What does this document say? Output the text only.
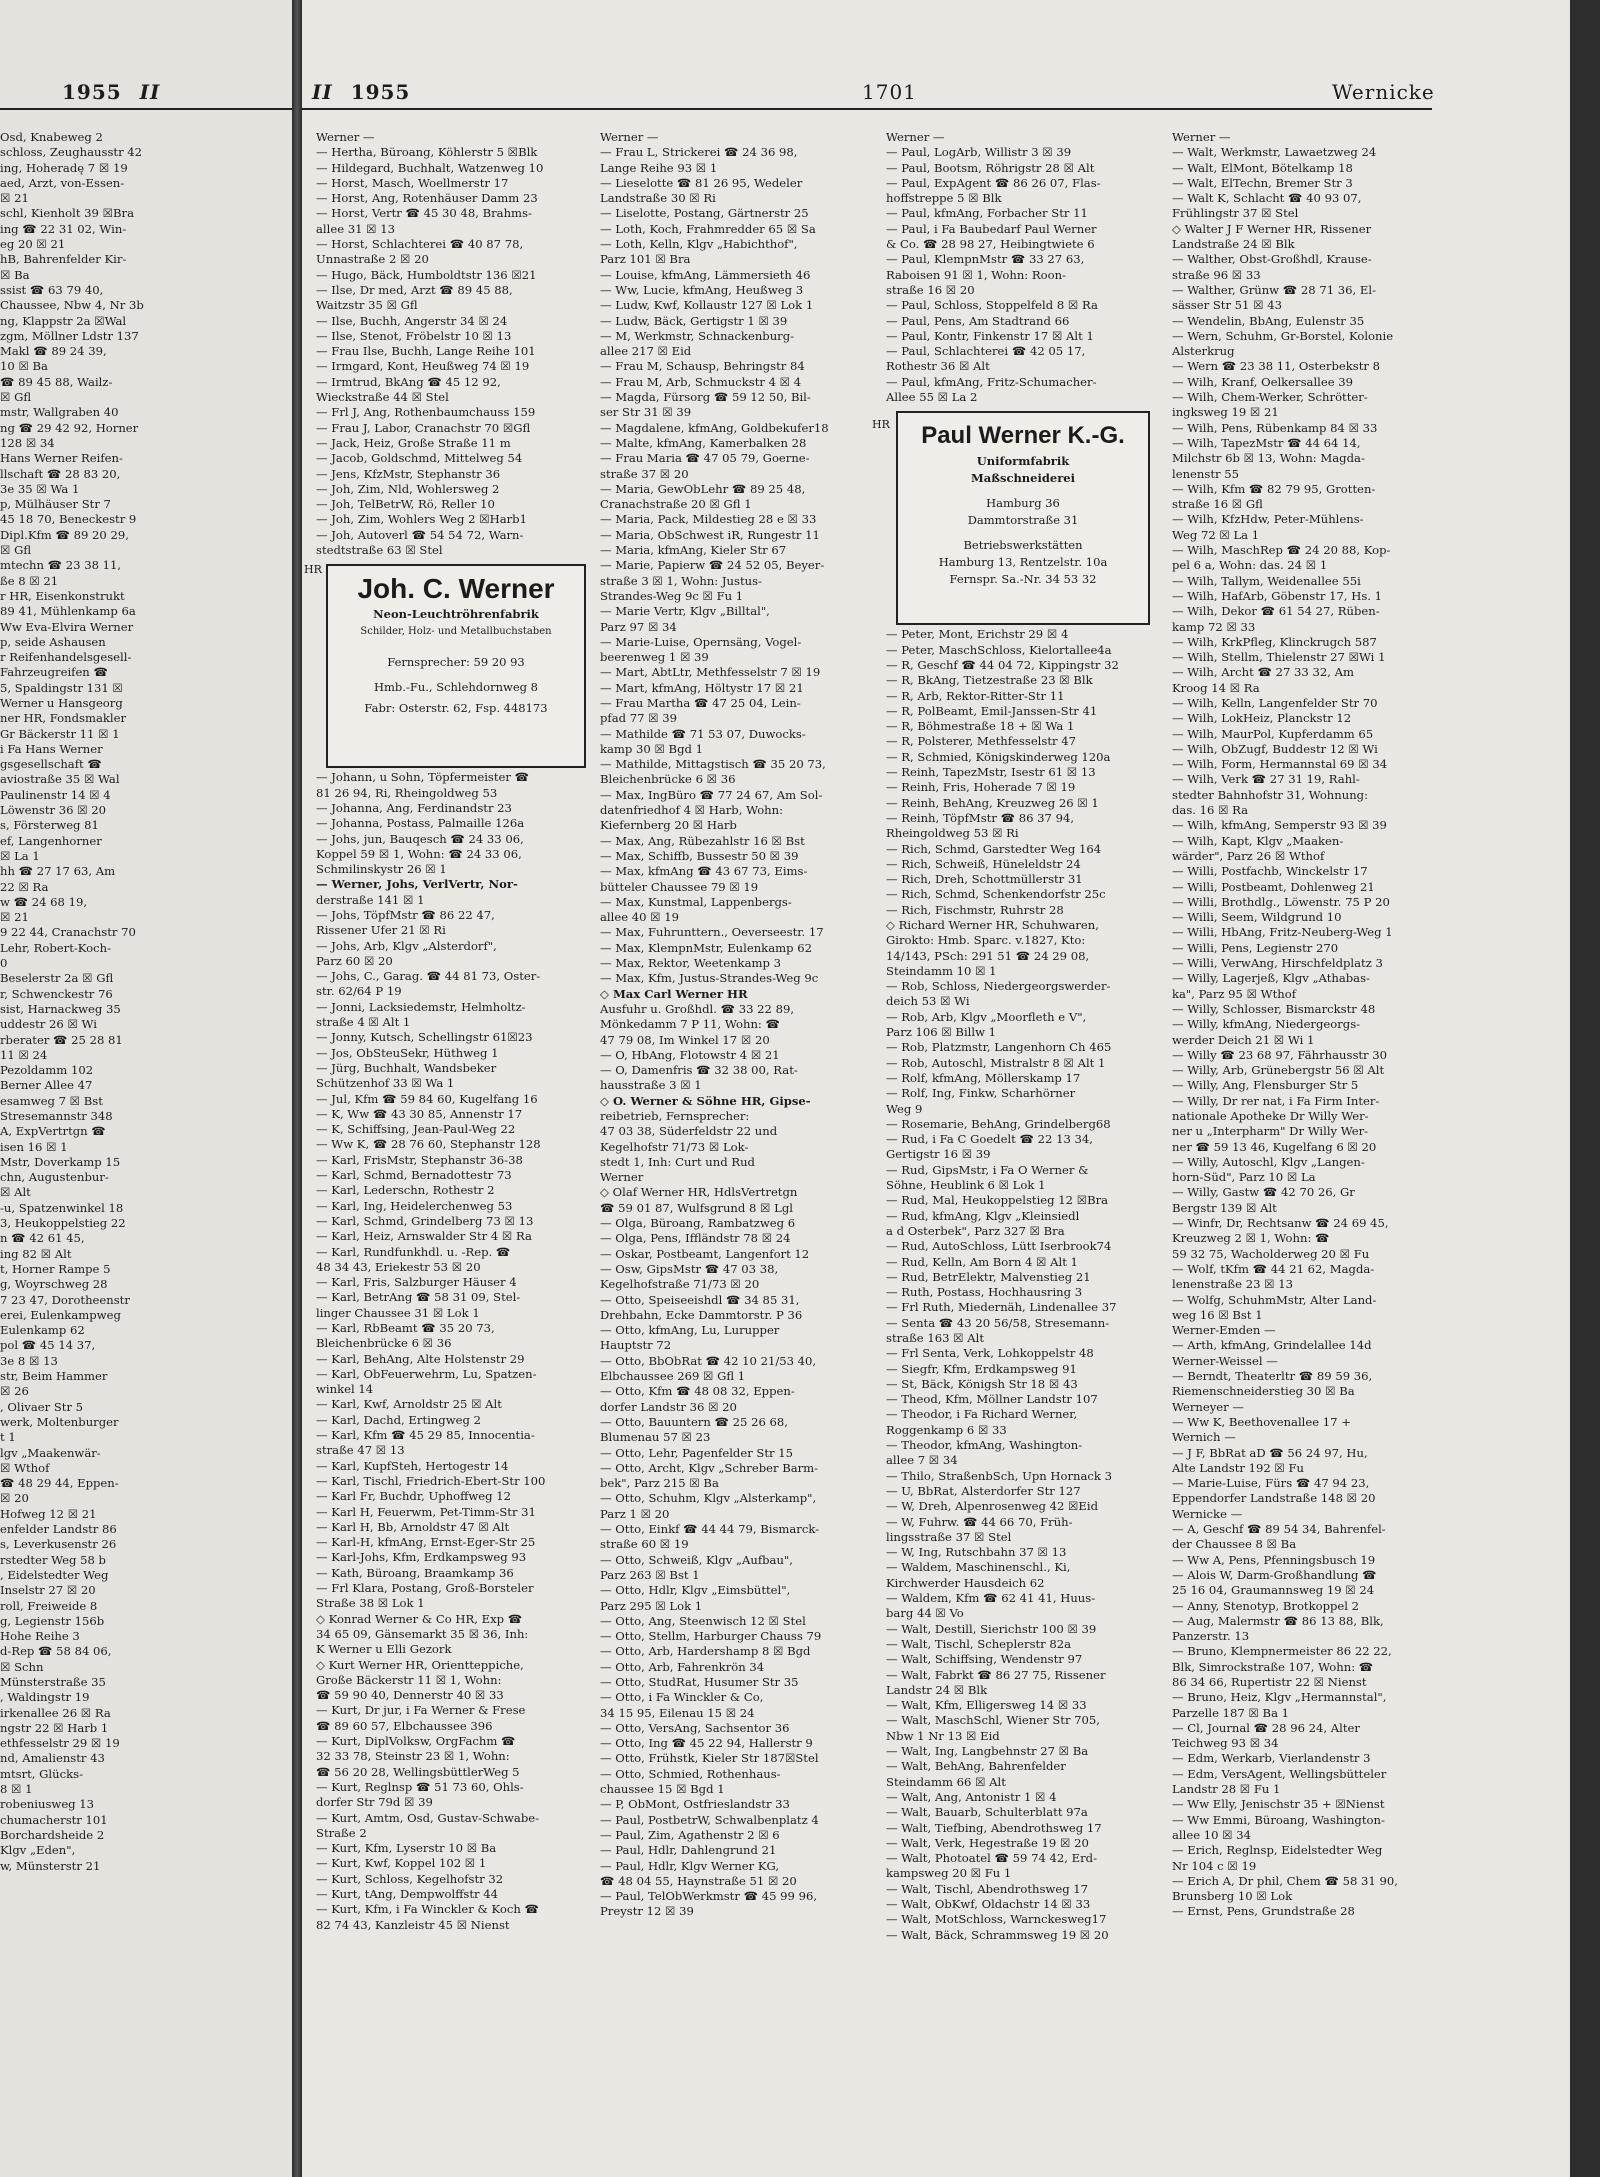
1955 II

Osd, Knabeweg 2

schloss, Zeughausstr 42

ing, Hoheradę 7 ☒ 19

aed, Arzt, von-Essen-

☒ 21

schl, Kienholt 39 ☒Bra

ing ☎ 22 31 02, Win-

eg 20 ☒ 21

hB, Bahrenfelder Kir-

☒ Ba

ssist ☎ 63 79 40,

Chaussee, Nbw 4, Nr 3b

ng, Klappstr 2a ☒Wal

zgm, Möllner Ldstr 137

Makl ☎ 89 24 39,

10 ☒ Ba

☎ 89 45 88, Wailz-

☒ Gfl

mstr, Wallgraben 40

ng ☎ 29 42 92, Horner

128 ☒ 34

Hans Werner Reifen-

llschaft ☎ 28 83 20,

3e 35 ☒ Wa 1

p, Mülhäuser Str 7

45 18 70, Beneckestr 9

Dipl.Kfm ☎ 89 20 29,

☒ Gfl

mtechn ☎ 23 38 11,

ße 8 ☒ 21

r HR, Eisenkonstrukt

89 41, Mühlenkamp 6a

Ww Eva-Elvira Werner

p, seide Ashausen

r Reifenhandelsgesell-

Fahrzeugreifen ☎

5, Spaldingstr 131 ☒

Werner u Hansgeorg

ner HR, Fondsmakler

Gr Bäckerstr 11 ☒ 1

i Fa Hans Werner

gsgesellschaft ☎

aviostraße 35 ☒ Wal

Paulinenstr 14 ☒ 4

Löwenstr 36 ☒ 20

s, Försterweg 81

ef, Langenhorner

☒ La 1

hh ☎ 27 17 63, Am

22 ☒ Ra

w ☎ 24 68 19,

☒ 21

9 22 44, Cranachstr 70

Lehr, Robert-Koch-

0

Beselerstr 2a ☒ Gfl

r, Schwenckestr 76

sist, Harnackweg 35

uddestr 26 ☒ Wi

rberater ☎ 25 28 81

11 ☒ 24

Pezoldamm 102

Berner Allee 47

esamweg 7 ☒ Bst

Stresemannstr 348

A, ExpVertrtgn ☎

isen 16 ☒ 1

Mstr, Doverkamp 15

chn, Augustenbur-

☒ Alt

-u, Spatzenwinkel 18

3, Heukoppelstieg 22

n ☎ 42 61 45,

ing 82 ☒ Alt

t, Horner Rampe 5

g, Woyrschweg 28

7 23 47, Dorotheenstr

erei, Eulenkampweg

Eulenkamp 62

pol ☎ 45 14 37,

3e 8 ☒ 13

str, Beim Hammer

☒ 26

, Olivaer Str 5

werk, Moltenburger

t 1

lgv „Maakenwär-

☒ Wthof

☎ 48 29 44, Eppen-

☒ 20

Hofweg 12 ☒ 21

enfelder Landstr 86

s, Leverkusenstr 26

rstedter Weg 58 b

, Eidelstedter Weg

Inselstr 27 ☒ 20

roll, Freiweide 8

g, Legienstr 156b

Hohe Reihe 3

d-Rep ☎ 58 84 06,

☒ Schn

Münsterstraße 35

, Waldingstr 19

irkenallee 26 ☒ Ra

ngstr 22 ☒ Harb 1

ethfesselstr 29 ☒ 19

nd, Amalienstr 43

mtsrt, Glücks-

8 ☒ 1

robeniusweg 13

chumacherstr 101

Borchardsheide 2

Klgv „Eden",

w, Münsterstr 21

II 1955	1701	Wernicke

Werner —

— Hertha, Büroang, Köhlerstr 5 ☒Blk

— Hildegard, Buchhalt, Watzenweg 10

— Horst, Masch, Woellmerstr 17

— Horst, Ang, Rotenhäuser Damm 23

— Horst, Vertr ☎ 45 30 48, Brahms-

allee 31 ☒ 13

— Horst, Schlachterei ☎ 40 87 78,

Unnastraße 2 ☒ 20

— Hugo, Bäck, Humboldtstr 136 ☒21

— Ilse, Dr med, Arzt ☎ 89 45 88,

Waitzstr 35 ☒ Gfl

— Ilse, Buchh, Angerstr 34 ☒ 24

— Ilse, Stenot, Fröbelstr 10 ☒ 13

— Frau Ilse, Buchh, Lange Reihe 101

— Irmgard, Kont, Heußweg 74 ☒ 19

— Irmtrud, BkAng ☎ 45 12 92,

Wieckstraße 44 ☒ Stel

— Frl J, Ang, Rothenbaumchauss 159

— Frau J, Labor, Cranachstr 70 ☒Gfl

— Jack, Heiz, Große Straße 11 m

— Jacob, Goldschmd, Mittelweg 54

— Jens, KfzMstr, Stephanstr 36

— Joh, Zim, Nld, Wohlersweg 2

— Joh, TelBetrW, Rö, Reller 10

— Joh, Zim, Wohlers Weg 2 ☒Harb1

— Joh, Autoverl ☎ 54 54 72, Warn-

stedtstraße 63 ☒ Stel

HR

Joh. C. Werner

Neon-Leuchtröhrenfabrik

Schilder, Holz- und Metallbuchstaben

Fernsprecher: 59 20 93

Hmb.-Fu., Schlehdornweg 8

Fabr: Osterstr. 62, Fsp. 448173

— Johann, u Sohn, Töpfermeister ☎

81 26 94, Ri, Rheingoldweg 53

— Johanna, Ang, Ferdinandstr 23

— Johanna, Postass, Palmaille 126a

— Johs, jun, Bauqesch ☎ 24 33 06,

Koppel 59 ☒ 1, Wohn: ☎ 24 33 06,

Schmilinskystr 26 ☒ 1

— Werner, Johs, VerlVertr, Nor-

derstraße 141 ☒ 1

— Johs, TöpfMstr ☎ 86 22 47,

Rissener Ufer 21 ☒ Ri

— Johs, Arb, Klgv „Alsterdorf",

Parz 60 ☒ 20

— Johs, C., Garag. ☎ 44 81 73, Oster-

str. 62/64 P 19

— Jonni, Lacksiedemstr, Helmholtz-

straße 4 ☒ Alt 1

— Jonny, Kutsch, Schellingstr 61☒23

— Jos, ObSteuSekr, Hüthweg 1

— Jürg, Buchhalt, Wandsbeker

Schützenhof 33 ☒ Wa 1

— Jul, Kfm ☎ 59 84 60, Kugelfang 16

— K, Ww ☎ 43 30 85, Annenstr 17

— K, Schiffsing, Jean-Paul-Weg 22

— Ww K, ☎ 28 76 60, Stephanstr 128

— Karl, FrisMstr, Stephanstr 36-38

— Karl, Schmd, Bernadottestr 73

— Karl, Lederschn, Rothestr 2

— Karl, Ing, Heidelerchenweg 53

— Karl, Schmd, Grindelberg 73 ☒ 13

— Karl, Heiz, Arnswalder Str 4 ☒ Ra

— Karl, Rundfunkhdl. u. -Rep. ☎

48 34 43, Eriekestr 53 ☒ 20

— Karl, Fris, Salzburger Häuser 4

— Karl, BetrAng ☎ 58 31 09, Stel-

linger Chaussee 31 ☒ Lok 1

— Karl, RbBeamt ☎ 35 20 73,

Bleichenbrücke 6 ☒ 36

— Karl, BehAng, Alte Holstenstr 29

— Karl, ObFeuerwehrm, Lu, Spatzen-

winkel 14

— Karl, Kwf, Arnoldstr 25 ☒ Alt

— Karl, Dachd, Ertingweg 2

— Karl, Kfm ☎ 45 29 85, Innocentia-

straße 47 ☒ 13

— Karl, KupfSteh, Hertogestr 14

— Karl, Tischl, Friedrich-Ebert-Str 100

— Karl Fr, Buchdr, Uphoffweg 12

— Karl H, Feuerwm, Pet-Timm-Str 31

— Karl H, Bb, Arnoldstr 47 ☒ Alt

— Karl-H, kfmAng, Ernst-Eger-Str 25

— Karl-Johs, Kfm, Erdkampsweg 93

— Kath, Büroang, Braamkamp 36

— Frl Klara, Postang, Groß-Borsteler

Straße 38 ☒ Lok 1

◇ Konrad Werner & Co HR, Exp ☎

34 65 09, Gänsemarkt 35 ☒ 36, Inh:

K Werner u Elli Gezork

◇ Kurt Werner HR, Orientteppiche,

Große Bäckerstr 11 ☒ 1, Wohn:

☎ 59 90 40, Dennerstr 40 ☒ 33

— Kurt, Dr jur, i Fa Werner & Frese

☎ 89 60 57, Elbchaussee 396

— Kurt, DiplVolksw, OrgFachm ☎

32 33 78, Steinstr 23 ☒ 1, Wohn:

☎ 56 20 28, WellingsbüttlerWeg 5

— Kurt, Reglnsp ☎ 51 73 60, Ohls-

dorfer Str 79d ☒ 39

— Kurt, Amtm, Osd, Gustav-Schwabe-

Straße 2

— Kurt, Kfm, Lyserstr 10 ☒ Ba

— Kurt, Kwf, Koppel 102 ☒ 1

— Kurt, Schloss, Kegelhofstr 32

— Kurt, tAng, Dempwolffstr 44

— Kurt, Kfm, i Fa Winckler & Koch ☎

82 74 43, Kanzleistr 45 ☒ Nienst

Werner —

— Frau L, Strickerei ☎ 24 36 98,

Lange Reihe 93 ☒ 1

— Lieselotte ☎ 81 26 95, Wedeler

Landstraße 30 ☒ Ri

— Liselotte, Postang, Gärtnerstr 25

— Loth, Koch, Frahmredder 65 ☒ Sa

— Loth, Kelln, Klgv „Habichthof",

Parz 101 ☒ Bra

— Louise, kfmAng, Lämmersieth 46

— Ww, Lucie, kfmAng, Heußweg 3

— Ludw, Kwf, Kollaustr 127 ☒ Lok 1

— Ludw, Bäck, Gertigstr 1 ☒ 39

— M, Werkmstr, Schnackenburg-

allee 217 ☒ Eid

— Frau M, Schausp, Behringstr 84

— Frau M, Arb, Schmuckstr 4 ☒ 4

— Magda, Fürsorg ☎ 59 12 50, Bil-

ser Str 31 ☒ 39

— Magdalene, kfmAng, Goldbekufer18

— Malte, kfmAng, Kamerbalken 28

— Frau Maria ☎ 47 05 79, Goerne-

straße 37 ☒ 20

— Maria, GewObLehr ☎ 89 25 48,

Cranachstraße 20 ☒ Gfl 1

— Maria, Pack, Mildestieg 28 e ☒ 33

— Maria, ObSchwest iR, Rungestr 11

— Maria, kfmAng, Kieler Str 67

— Marie, Papierw ☎ 24 52 05, Beyer-

straße 3 ☒ 1, Wohn: Justus-

Strandes-Weg 9c ☒ Fu 1

— Marie Vertr, Klgv „Billtal",

Parz 97 ☒ 34

— Marie-Luise, Opernsäng, Vogel-

beerenweg 1 ☒ 39

— Mart, AbtLtr, Methfesselstr 7 ☒ 19

— Mart, kfmAng, Höltystr 17 ☒ 21

— Frau Martha ☎ 47 25 04, Lein-

pfad 77 ☒ 39

— Mathilde ☎ 71 53 07, Duwocks-

kamp 30 ☒ Bgd 1

— Mathilde, Mittagstisch ☎ 35 20 73,

Bleichenbrücke 6 ☒ 36

— Max, IngBüro ☎ 77 24 67, Am Sol-

datenfriedhof 4 ☒ Harb, Wohn:

Kiefernberg 20 ☒ Harb

— Max, Ang, Rübezahlstr 16 ☒ Bst

— Max, Schiffb, Bussestr 50 ☒ 39

— Max, kfmAng ☎ 43 67 73, Eims-

bütteler Chaussee 79 ☒ 19

— Max, Kunstmal, Lappenbergs-

allee 40 ☒ 19

— Max, Fuhrunttern., Oeverseestr. 17

— Max, KlempnMstr, Eulenkamp 62

— Max, Rektor, Weetenkamp 3

— Max, Kfm, Justus-Strandes-Weg 9c

◇ Max Carl Werner HR

Ausfuhr u. Großhdl. ☎ 33 22 89,

Mönkedamm 7 P 11, Wohn: ☎

47 79 08, Im Winkel 17 ☒ 20

— O, HbAng, Flotowstr 4 ☒ 21

— O, Damenfris ☎ 32 38 00, Rat-

hausstraße 3 ☒ 1

◇ O. Werner & Söhne HR, Gipse-

reibetrieb, Fernsprecher:

47 03 38, Süderfeldstr 22 und

Kegelhofstr 71/73 ☒ Lok-

stedt 1, Inh: Curt und Rud

Werner

◇ Olaf Werner HR, HdlsVertretgn

☎ 59 01 87, Wulfsgrund 8 ☒ Lgl

— Olga, Büroang, Rambatzweg 6

— Olga, Pens, Iffländstr 78 ☒ 24

— Oskar, Postbeamt, Langenfort 12

— Osw, GipsMstr ☎ 47 03 38,

Kegelhofstraße 71/73 ☒ 20

— Otto, Speiseeishdl ☎ 34 85 31,

Drehbahn, Ecke Dammtorstr. P 36

— Otto, kfmAng, Lu, Lurupper

Hauptstr 72

— Otto, BbObRat ☎ 42 10 21/53 40,

Elbchaussee 269 ☒ Gfl 1

— Otto, Kfm ☎ 48 08 32, Eppen-

dorfer Landstr 36 ☒ 20

— Otto, Bauuntern ☎ 25 26 68,

Blumenau 57 ☒ 23

— Otto, Lehr, Pagenfelder Str 15

— Otto, Archt, Klgv „Schreber Barm-

bek", Parz 215 ☒ Ba

— Otto, Schuhm, Klgv „Alsterkamp",

Parz 1 ☒ 20

— Otto, Einkf ☎ 44 44 79, Bismarck-

straße 60 ☒ 19

— Otto, Schweiß, Klgv „Aufbau",

Parz 263 ☒ Bst 1

— Otto, Hdlr, Klgv „Eimsbüttel",

Parz 295 ☒ Lok 1

— Otto, Ang, Steenwisch 12 ☒ Stel

— Otto, Stellm, Harburger Chauss 79

— Otto, Arb, Hardershamp 8 ☒ Bgd

— Otto, Arb, Fahrenkrön 34

— Otto, StudRat, Husumer Str 35

— Otto, i Fa Winckler & Co,

34 15 95, Eilenau 15 ☒ 24

— Otto, VersAng, Sachsentor 36

— Otto, Ing ☎ 45 22 94, Hallerstr 9

— Otto, Frühstk, Kieler Str 187☒Stel

— Otto, Schmied, Rothenhaus-

chaussee 15 ☒ Bgd 1

— P, ObMont, Ostfrieslandstr 33

— Paul, PostbetrW, Schwalbenplatz 4

— Paul, Zim, Agathenstr 2 ☒ 6

— Paul, Hdlr, Dahlengrund 21

— Paul, Hdlr, Klgv Werner KG,

☎ 48 04 55, Haynstraße 51 ☒ 20

— Paul, TelObWerkmstr ☎ 45 99 96,

Preystr 12 ☒ 39

Werner —

— Paul, LogArb, Willistr 3 ☒ 39

— Paul, Bootsm, Röhrigstr 28 ☒ Alt

— Paul, ExpAgent ☎ 86 26 07, Flas-

hoffstreppe 5 ☒ Blk

— Paul, kfmAng, Forbacher Str 11

— Paul, i Fa Baubedarf Paul Werner

& Co. ☎ 28 98 27, Heibingtwiete 6

— Paul, KlempnMstr ☎ 33 27 63,

Raboisen 91 ☒ 1, Wohn: Roon-

straße 16 ☒ 20

— Paul, Schloss, Stoppelfeld 8 ☒ Ra

— Paul, Pens, Am Stadtrand 66

— Paul, Kontr, Finkenstr 17 ☒ Alt 1

— Paul, Schlachterei ☎ 42 05 17,

Rothestr 36 ☒ Alt

— Paul, kfmAng, Fritz-Schumacher-

Allee 55 ☒ La 2

HR	Paul Werner K.-G.

Uniformfabrik

Maßschneiderei

Hamburg 36

Dammtorstraße 31

Betriebswerkstätten

Hamburg 13, Rentzelstr. 10a

Fernspr. Sa.-Nr. 34 53 32

— Peter, Mont, Erichstr 29 ☒ 4

— Peter, MaschSchloss, Kielortallee4a

— R, Geschf ☎ 44 04 72, Kippingstr 32

— R, BkAng, Tietzestraße 23 ☒ Blk

— R, Arb, Rektor-Ritter-Str 11

— R, PolBeamt, Emil-Janssen-Str 41

— R, Böhmestraße 18 + ☒ Wa 1

— R, Polsterer, Methfesselstr 47

— R, Schmied, Königskinderweg 120a

— Reinh, TapezMstr, Isestr 61 ☒ 13

— Reinh, Fris, Hoherade 7 ☒ 19

— Reinh, BehAng, Kreuzweg 26 ☒ 1

— Reinh, TöpfMstr ☎ 86 37 94,

Rheingoldweg 53 ☒ Ri

— Rich, Schmd, Garstedter Weg 164

— Rich, Schweiß, Hüneleldstr 24

— Rich, Dreh, Schottmüllerstr 31

— Rich, Schmd, Schenkendorfstr 25c

— Rich, Fischmstr, Ruhrstr 28

◇ Richard Werner HR, Schuhwaren,

Girokto: Hmb. Sparc. v.1827, Kto:

14/143, PSch: 291 51 ☎ 24 29 08,

Steindamm 10 ☒ 1

— Rob, Schloss, Niedergeorgswerder-

deich 53 ☒ Wi

— Rob, Arb, Klgv „Moorfleth e V",

Parz 106 ☒ Billw 1

— Rob, Platzmstr, Langenhorn Ch 465

— Rob, Autoschl, Mistralstr 8 ☒ Alt 1

— Rolf, kfmAng, Möllerskamp 17

— Rolf, Ing, Finkw, Scharhörner

Weg 9

— Rosemarie, BehAng, Grindelberg68

— Rud, i Fa C Goedelt ☎ 22 13 34,

Gertigstr 16 ☒ 39

— Rud, GipsMstr, i Fa O Werner &

Söhne, Heublink 6 ☒ Lok 1

— Rud, Mal, Heukoppelstieg 12 ☒Bra

— Rud, kfmAng, Klgv „Kleinsiedl

a d Osterbek", Parz 327 ☒ Bra

— Rud, AutoSchloss, Lütt Iserbrook74

— Rud, Kelln, Am Born 4 ☒ Alt 1

— Rud, BetrElektr, Malvenstieg 21

— Ruth, Postass, Hochhausring 3

— Frl Ruth, Miedernäh, Lindenallee 37

— Senta ☎ 43 20 56/58, Stresemann-

straße 163 ☒ Alt

— Frl Senta, Verk, Lohkoppelstr 48

— Siegfr, Kfm, Erdkampsweg 91

— St, Bäck, Königsh Str 18 ☒ 43

— Theod, Kfm, Möllner Landstr 107

— Theodor, i Fa Richard Werner,

Roggenkamp 6 ☒ 33

— Theodor, kfmAng, Washington-

allee 7 ☒ 34

— Thilo, StraßenbSch, Upn Hornack 3

— U, BbRat, Alsterdorfer Str 127

— W, Dreh, Alpenrosenweg 42 ☒Eid

— W, Fuhrw. ☎ 44 66 70, Früh-

lingsstraße 37 ☒ Stel

— W, Ing, Rutschbahn 37 ☒ 13

— Waldem, Maschinenschl., Ki,

Kirchwerder Hausdeich 62

— Waldem, Kfm ☎ 62 41 41, Huus-

barg 44 ☒ Vo

— Walt, Destill, Sierichstr 100 ☒ 39

— Walt, Tischl, Scheplerstr 82a

— Walt, Schiffsing, Wendenstr 97

— Walt, Fabrkt ☎ 86 27 75, Rissener

Landstr 24 ☒ Blk

— Walt, Kfm, Elligersweg 14 ☒ 33

— Walt, MaschSchl, Wiener Str 705,

Nbw 1 Nr 13 ☒ Eid

— Walt, Ing, Langbehnstr 27 ☒ Ba

— Walt, BehAng, Bahrenfelder

Steindamm 66 ☒ Alt

— Walt, Ang, Antonistr 1 ☒ 4

— Walt, Bauarb, Schulterblatt 97a

— Walt, Tiefbing, Abendrothsweg 17

— Walt, Verk, Hegestraße 19 ☒ 20

— Walt, Photoatel ☎ 59 74 42, Erd-

kampsweg 20 ☒ Fu 1

— Walt, Tischl, Abendrothsweg 17

— Walt, ObKwf, Oldachstr 14 ☒ 33

— Walt, MotSchloss, Warnckesweg17

— Walt, Bäck, Schrammsweg 19 ☒ 20

Werner —

— Walt, Werkmstr, Lawaetzweg 24

— Walt, ElMont, Bötelkamp 18

— Walt, ElTechn, Bremer Str 3

— Walt K, Schlacht ☎ 40 93 07,

Frühlingstr 37 ☒ Stel

◇ Walter J F Werner HR, Rissener

Landstraße 24 ☒ Blk

— Walther, Obst-Großhdl, Krause-

straße 96 ☒ 33

— Walther, Grünw ☎ 28 71 36, El-

sässer Str 51 ☒ 43

— Wendelin, BbAng, Eulenstr 35

— Wern, Schuhm, Gr-Borstel, Kolonie

Alsterkrug

— Wern ☎ 23 38 11, Osterbekstr 8

— Wilh, Kranf, Oelkersallee 39

— Wilh, Chem-Werker, Schrötter-

ingksweg 19 ☒ 21

— Wilh, Pens, Rübenkamp 84 ☒ 33

— Wilh, TapezMstr ☎ 44 64 14,

Milchstr 6b ☒ 13, Wohn: Magda-

lenenstr 55

— Wilh, Kfm ☎ 82 79 95, Grotten-

straße 16 ☒ Gfl

— Wilh, KfzHdw, Peter-Mühlens-

Weg 72 ☒ La 1

— Wilh, MaschRep ☎ 24 20 88, Kop-

pel 6 a, Wohn: das. 24 ☒ 1

— Wilh, Tallym, Weidenallee 55i

— Wilh, HafArb, Göbenstr 17, Hs. 1

— Wilh, Dekor ☎ 61 54 27, Rüben-

kamp 72 ☒ 33

— Wilh, KrkPfleg, Klinckrugch 587

— Wilh, Stellm, Thielenstr 27 ☒Wi 1

— Wilh, Archt ☎ 27 33 32, Am

Kroog 14 ☒ Ra

— Wilh, Kelln, Langenfelder Str 70

— Wilh, LokHeiz, Planckstr 12

— Wilh, MaurPol, Kupferdamm 65

— Wilh, ObZugf, Buddestr 12 ☒ Wi

— Wilh, Form, Hermannstal 69 ☒ 34

— Wilh, Verk ☎ 27 31 19, Rahl-

stedter Bahnhofstr 31, Wohnung:

das. 16 ☒ Ra

— Wilh, kfmAng, Semperstr 93 ☒ 39

— Wilh, Kapt, Klgv „Maaken-

wärder", Parz 26 ☒ Wthof

— Willi, Postfachb, Winckelstr 17

— Willi, Postbeamt, Dohlenweg 21

— Willi, Brothdlg., Löwenstr. 75 P 20

— Willi, Seem, Wildgrund 10

— Willi, HbAng, Fritz-Neuberg-Weg 1

— Willi, Pens, Legienstr 270

— Willi, VerwAng, Hirschfeldplatz 3

— Willy, Lagerjeß, Klgv „Athabas-

ka", Parz 95 ☒ Wthof

— Willy, Schlosser, Bismarckstr 48

— Willy, kfmAng, Niedergeorgs-

werder Deich 21 ☒ Wi 1

— Willy ☎ 23 68 97, Fährhausstr 30

— Willy, Arb, Grünebergstr 56 ☒ Alt

— Willy, Ang, Flensburger Str 5

— Willy, Dr rer nat, i Fa Firm Inter-

nationale Apotheke Dr Willy Wer-

ner u „Interpharm" Dr Willy Wer-

ner ☎ 59 13 46, Kugelfang 6 ☒ 20

— Willy, Autoschl, Klgv „Langen-

horn-Süd", Parz 10 ☒ La

— Willy, Gastw ☎ 42 70 26, Gr

Bergstr 139 ☒ Alt

— Winfr, Dr, Rechtsanw ☎ 24 69 45,

Kreuzweg 2 ☒ 1, Wohn: ☎

59 32 75, Wacholderweg 20 ☒ Fu

— Wolf, tKfm ☎ 44 21 62, Magda-

lenenstraße 23 ☒ 13

— Wolfg, SchuhmMstr, Alter Land-

weg 16 ☒ Bst 1

Werner-Emden —

— Arth, kfmAng, Grindelallee 14d

Werner-Weissel —

— Berndt, Theaterltr ☎ 89 59 36,

Riemenschneiderstieg 30 ☒ Ba

Werneyer —

— Ww K, Beethovenallee 17 +

Wernich —

— J F, BbRat aD ☎ 56 24 97, Hu,

Alte Landstr 192 ☒ Fu

— Marie-Luise, Fürs ☎ 47 94 23,

Eppendorfer Landstraße 148 ☒ 20

Wernicke —

— A, Geschf ☎ 89 54 34, Bahrenfel-

der Chaussee 8 ☒ Ba

— Ww A, Pens, Pfenningsbusch 19

— Alois W, Darm-Großhandlung ☎

25 16 04, Graumannsweg 19 ☒ 24

— Anny, Stenotyp, Brotkoppel 2

— Aug, Malermstr ☎ 86 13 88, Blk,

Panzerstr. 13

— Bruno, Klempnermeister 86 22 22,

Blk, Simrockstraße 107, Wohn: ☎

86 34 66, Rupertistr 22 ☒ Nienst

— Bruno, Heiz, Klgv „Hermannstal",

Parzelle 187 ☒ Ba 1

— Cl, Journal ☎ 28 96 24, Alter

Teichweg 93 ☒ 34

— Edm, Werkarb, Vierlandenstr 3

— Edm, VersAgent, Wellingsbütteler

Landstr 28 ☒ Fu 1

— Ww Elly, Jenischstr 35 + ☒Nienst

— Ww Emmi, Büroang, Washington-

allee 10 ☒ 34

— Erich, Reglnsp, Eidelstedter Weg

Nr 104 c ☒ 19

— Erich A, Dr phil, Chem ☎ 58 31 90,

Brunsberg 10 ☒ Lok

— Ernst, Pens, Grundstraße 28
